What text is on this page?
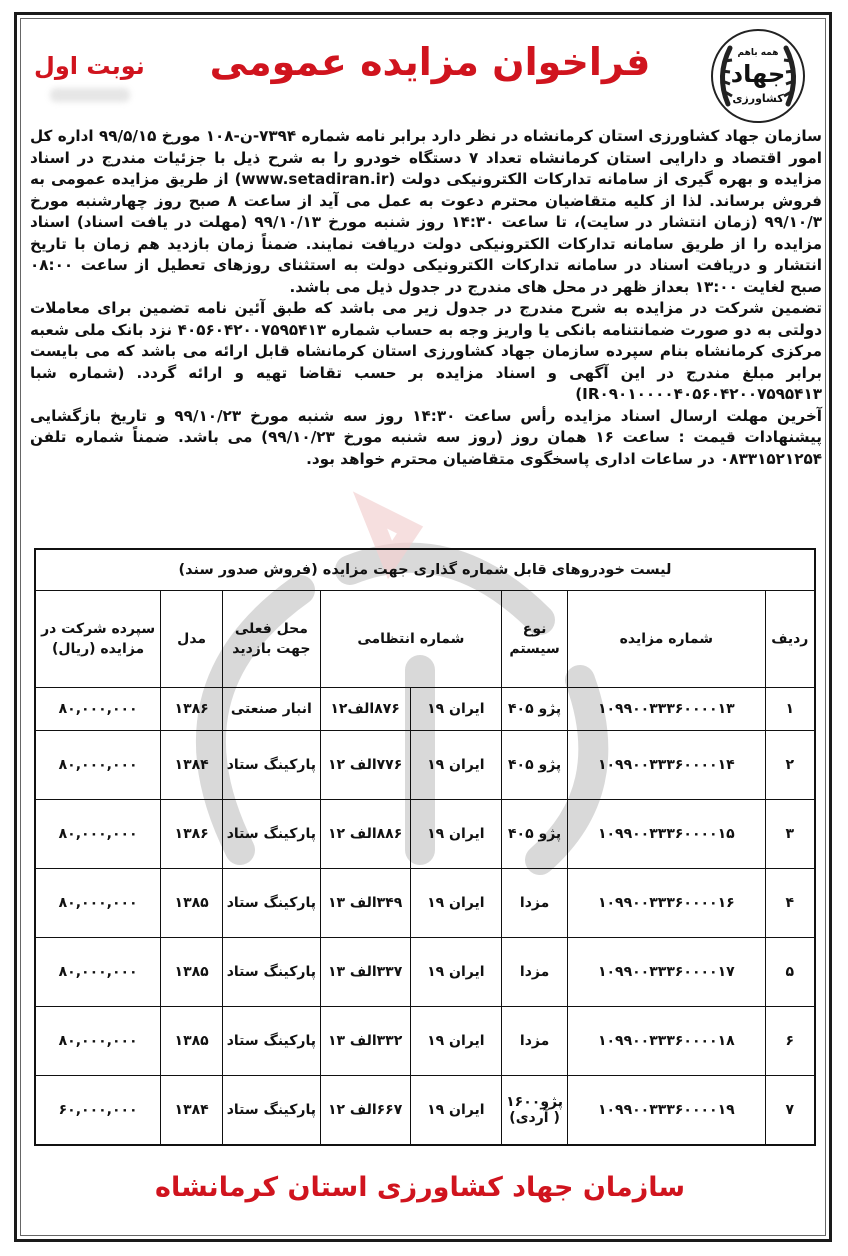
همه باهم
جهاد
کشاورزی
نوبت اول	فراخوان مزایده عمومی

سازمان جهاد کشاورزی استان کرمانشاه در نظر دارد برابر نامه شماره ۷۳۹۴-ن-۱۰۸ مورخ ۹۹/۵/۱۵ اداره کل امور اقتصاد و دارایی استان کرمانشاه تعداد ۷ دستگاه خودرو را به شرح ذیل با جزئیات مندرج در اسناد مزایده و بهره گیری از سامانه تدارکات الکترونیکی دولت (www.setadiran.ir) از طریق مزایده عمومی به فروش برساند. لذا از کلیه متقاضیان محترم دعوت به عمل می آید از ساعت ۸ صبح روز چهارشنبه مورخ ۹۹/۱۰/۳ (زمان انتشار در سایت)، تا ساعت ۱۴:۳۰ روز شنبه مورخ ۹۹/۱۰/۱۳ (مهلت در یافت اسناد) اسناد مزایده را از طریق سامانه تدارکات الکترونیکی دولت دریافت نمایند. ضمناً زمان بازدید هم زمان با تاریخ انتشار و دریافت اسناد در سامانه تدارکات الکترونیکی دولت به استثنای روزهای تعطیل از ساعت ۰۸:۰۰ صبح لغایت ۱۳:۰۰ بعداز ظهر در محل های مندرج در جدول ذیل می باشد.

تضمین شرکت در مزایده به شرح مندرج در جدول زیر می باشد که طبق آئین نامه تضمین برای معاملات دولتی به دو صورت ضمانتنامه بانکی یا واریز وجه به حساب شماره ۴۰۵۶۰۴۲۰۰۷۵۹۵۴۱۳ نزد بانک ملی شعبه مرکزی کرمانشاه بنام سپرده سازمان جهاد کشاورزی استان کرمانشاه قابل ارائه می باشد که می بایست برابر مبلغ مندرج در این آگهی و اسناد مزایده بر حسب تقاضا تهیه و ارائه گردد. (شماره شبا IR۰۹۰۱۰۰۰۰۴۰۵۶۰۴۲۰۰۷۵۹۵۴۱۳)

آخرین مهلت ارسال اسناد مزایده رأس ساعت ۱۴:۳۰ روز سه شنبه مورخ ۹۹/۱۰/۲۳ و تاریخ بازگشایی پیشنهادات قیمت : ساعت ۱۶ همان روز (روز سه شنبه مورخ ۹۹/۱۰/۲۳) می باشد. ضمناً شماره تلفن ۰۸۳۳۱۵۲۱۲۵۴ در ساعات اداری پاسخگوی متقاضیان محترم خواهد بود.

لیست خودروهای قابل شماره گذاری جهت مزایده (فروش صدور سند)							
ردیف	شماره مزایده	نوع سیستم	شماره انتظامی		محل فعلی جهت بازدید	مدل	سپرده شرکت در مزایده (ریال)
۱	۱۰۹۹۰۰۳۳۳۶۰۰۰۰۱۳	پژو ۴۰۵	ایران ۱۹	۸۷۶الف۱۲	انبار صنعتی	۱۳۸۶	۸۰,۰۰۰,۰۰۰
۲	۱۰۹۹۰۰۳۳۳۶۰۰۰۰۱۴	پژو ۴۰۵	ایران ۱۹	۷۷۶الف ۱۲	پارکینگ ستاد	۱۳۸۴	۸۰,۰۰۰,۰۰۰
۳	۱۰۹۹۰۰۳۳۳۶۰۰۰۰۱۵	پژو ۴۰۵	ایران ۱۹	۸۸۶الف ۱۲	پارکینگ ستاد	۱۳۸۶	۸۰,۰۰۰,۰۰۰
۴	۱۰۹۹۰۰۳۳۳۶۰۰۰۰۱۶	مزدا	ایران ۱۹	۳۴۹الف ۱۳	پارکینگ ستاد	۱۳۸۵	۸۰,۰۰۰,۰۰۰
۵	۱۰۹۹۰۰۳۳۳۶۰۰۰۰۱۷	مزدا	ایران ۱۹	۳۳۷الف ۱۳	پارکینگ ستاد	۱۳۸۵	۸۰,۰۰۰,۰۰۰
۶	۱۰۹۹۰۰۳۳۳۶۰۰۰۰۱۸	مزدا	ایران ۱۹	۳۳۲الف ۱۳	پارکینگ ستاد	۱۳۸۵	۸۰,۰۰۰,۰۰۰
۷	۱۰۹۹۰۰۳۳۳۶۰۰۰۰۱۹	پژو۱۶۰۰ ( آردی)	ایران ۱۹	۶۶۷الف ۱۲	پارکینگ ستاد	۱۳۸۴	۶۰,۰۰۰,۰۰۰
سازمان جهاد کشاورزی استان کرمانشاه
